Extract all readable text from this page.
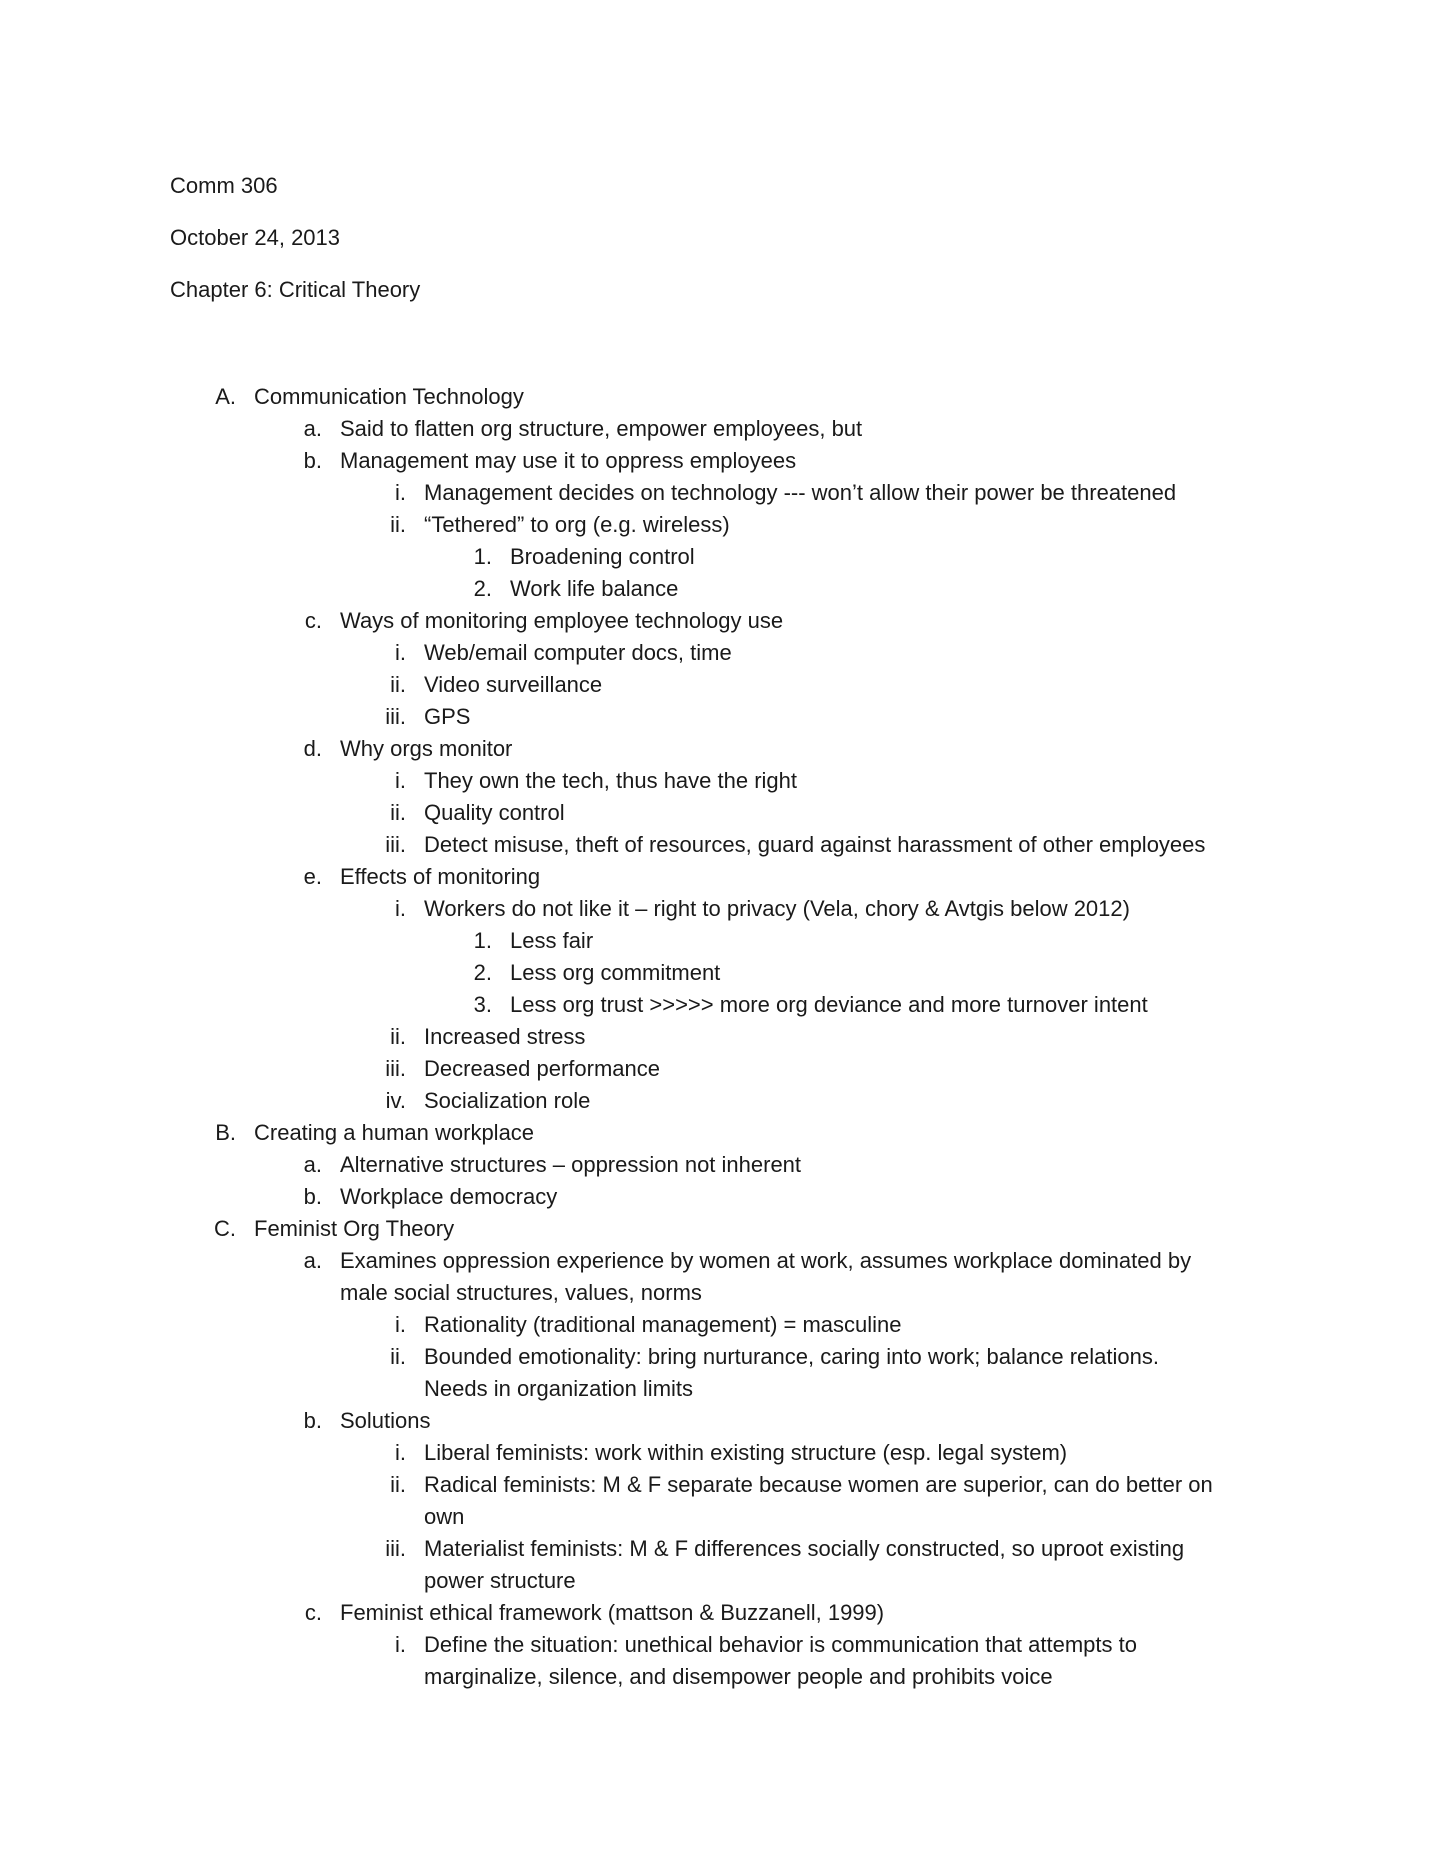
Comm 306
October 24, 2013
Chapter 6: Critical Theory
A. Communication Technology
a. Said to flatten org structure, empower employees, but
b. Management may use it to oppress employees
i. Management decides on technology --- won’t allow their power be threatened
ii. “Tethered” to org (e.g. wireless)
1. Broadening control
2. Work life balance
c. Ways of monitoring employee technology use
i. Web/email computer docs, time
ii. Video surveillance
iii. GPS
d. Why orgs monitor
i. They own the tech, thus have the right
ii. Quality control
iii. Detect misuse, theft of resources, guard against harassment of other employees
e. Effects of monitoring
i. Workers do not like it – right to privacy (Vela, chory & Avtgis below 2012)
1. Less fair
2. Less org commitment
3. Less org trust >>>>> more org deviance and more turnover intent
ii. Increased stress
iii. Decreased performance
iv. Socialization role
B. Creating a human workplace
a. Alternative structures – oppression not inherent
b. Workplace democracy
C. Feminist Org Theory
a. Examines oppression experience by women at work, assumes workplace dominated by
male social structures, values, norms
i. Rationality (traditional management) = masculine
ii. Bounded emotionality: bring nurturance, caring into work; balance relations.
Needs in organization limits
b. Solutions
i. Liberal feminists: work within existing structure (esp. legal system)
ii. Radical feminists: M & F separate because women are superior, can do better on
own
iii. Materialist feminists: M & F differences socially constructed, so uproot existing
power structure
c. Feminist ethical framework (mattson & Buzzanell, 1999)
i. Define the situation: unethical behavior is communication that attempts to
marginalize, silence, and disempower people and prohibits voice
